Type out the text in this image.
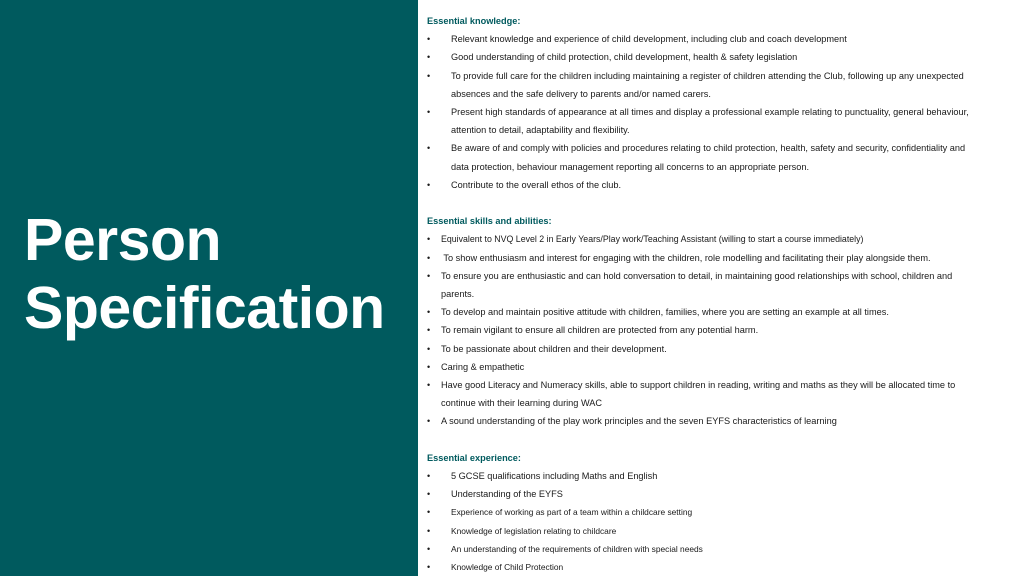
Person
Specification
Essential knowledge:
• Relevant knowledge and experience of child development, including club and coach development
• Good understanding of child protection, child development, health & safety legislation
• To provide full care for the children including maintaining a register of children attending the Club, following up any unexpected
absences and the safe delivery to parents and/or named carers.
• Present high standards of appearance at all times and display a professional example relating to punctuality, general behaviour,
attention to detail, adaptability and flexibility.
• Be aware of and comply with policies and procedures relating to child protection, health, safety and security, confidentiality and
data protection, behaviour management reporting all concerns to an appropriate person.
• Contribute to the overall ethos of the club.
Essential skills and abilities:
• Equivalent to NVQ Level 2 in Early Years/Play work/Teaching Assistant (willing to start a course immediately)
• To show enthusiasm and interest for engaging with the children, role modelling and facilitating their play alongside them.
• To ensure you are enthusiastic and can hold conversation to detail, in maintaining good relationships with school, children and
parents.
• To develop and maintain positive attitude with children, families, where you are setting an example at all times.
• To remain vigilant to ensure all children are protected from any potential harm.
• To be passionate about children and their development.
• Caring & empathetic
• Have good Literacy and Numeracy skills, able to support children in reading, writing and maths as they will be allocated time to
continue with their learning during WAC
• A sound understanding of the play work principles and the seven EYFS characteristics of learning
Essential experience:
• 5 GCSE qualifications including Maths and English
• Understanding of the EYFS
• Experience of working as part of a team within a childcare setting
• Knowledge of legislation relating to childcare
• An understanding of the requirements of children with special needs
• Knowledge of Child Protection
